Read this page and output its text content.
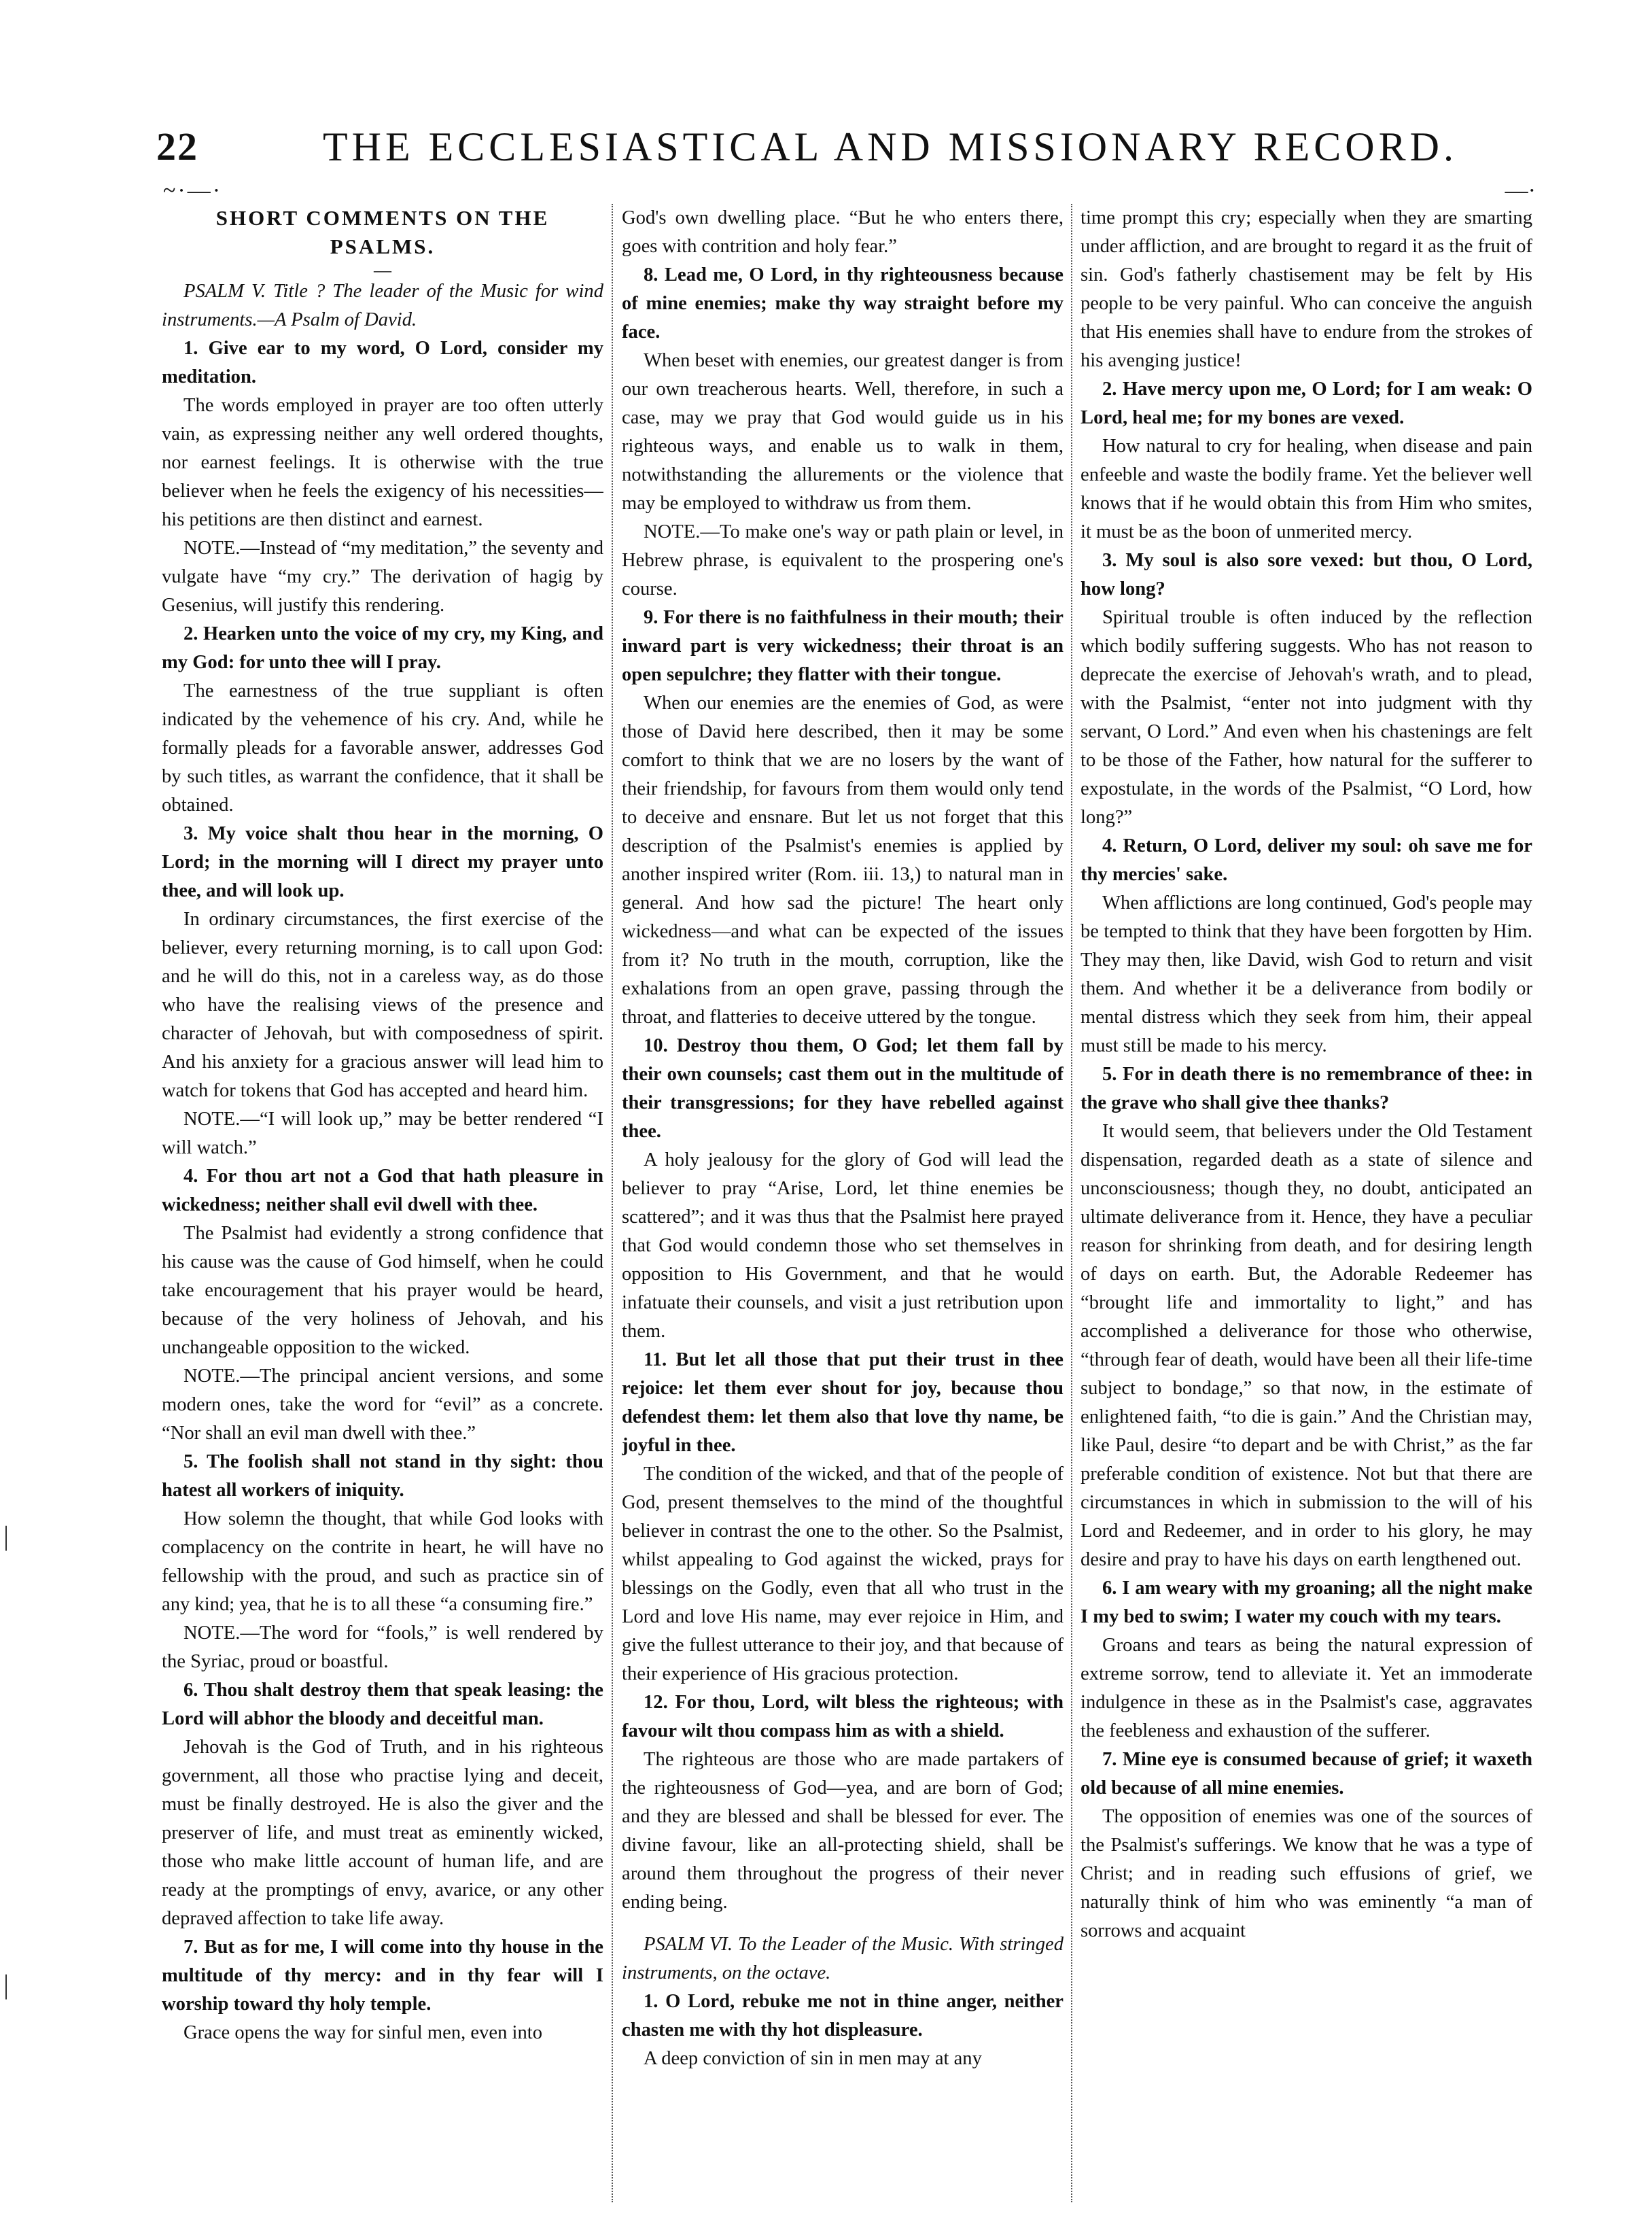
22	THE ECCLESIASTICAL AND MISSIONARY RECORD.
~·—·	—·
|
|
SHORT COMMENTS ON THE PSALMS.
—

PSALM V. Title ? The leader of the Music for wind instruments.—A Psalm of David.

1. Give ear to my word, O Lord, consider my meditation.

The words employed in prayer are too often utterly vain, as expressing neither any well ordered thoughts, nor earnest feelings. It is otherwise with the true believer when he feels the exigency of his necessities—his petitions are then distinct and earnest.

NOTE.—Instead of “my meditation,” the seventy and vulgate have “my cry.” The derivation of hagig by Gesenius, will justify this rendering.

2. Hearken unto the voice of my cry, my King, and my God: for unto thee will I pray.

The earnestness of the true suppliant is often indicated by the vehemence of his cry. And, while he formally pleads for a favorable answer, addresses God by such titles, as warrant the confidence, that it shall be obtained.

3. My voice shalt thou hear in the morning, O Lord; in the morning will I direct my prayer unto thee, and will look up.

In ordinary circumstances, the first exercise of the believer, every returning morning, is to call upon God: and he will do this, not in a careless way, as do those who have the realising views of the presence and character of Jehovah, but with composedness of spirit. And his anxiety for a gracious answer will lead him to watch for tokens that God has accepted and heard him.

NOTE.—“I will look up,” may be better rendered “I will watch.”

4. For thou art not a God that hath pleasure in wickedness; neither shall evil dwell with thee.

The Psalmist had evidently a strong confidence that his cause was the cause of God himself, when he could take encouragement that his prayer would be heard, because of the very holiness of Jehovah, and his unchangeable opposition to the wicked.

NOTE.—The principal ancient versions, and some modern ones, take the word for “evil” as a concrete. “Nor shall an evil man dwell with thee.”

5. The foolish shall not stand in thy sight: thou hatest all workers of iniquity.

How solemn the thought, that while God looks with complacency on the contrite in heart, he will have no fellowship with the proud, and such as practice sin of any kind; yea, that he is to all these “a consuming fire.”

NOTE.—The word for “fools,” is well rendered by the Syriac, proud or boastful.

6. Thou shalt destroy them that speak leasing: the Lord will abhor the bloody and deceitful man.

Jehovah is the God of Truth, and in his righteous government, all those who practise lying and deceit, must be finally destroyed. He is also the giver and the preserver of life, and must treat as eminently wicked, those who make little account of human life, and are ready at the promptings of envy, avarice, or any other depraved affection to take life away.

7. But as for me, I will come into thy house in the multitude of thy mercy: and in thy fear will I worship toward thy holy temple.

Grace opens the way for sinful men, even into

God's own dwelling place. “But he who enters there, goes with contrition and holy fear.”

8. Lead me, O Lord, in thy righteousness because of mine enemies; make thy way straight before my face.

When beset with enemies, our greatest danger is from our own treacherous hearts. Well, therefore, in such a case, may we pray that God would guide us in his righteous ways, and enable us to walk in them, notwithstanding the allurements or the violence that may be employed to withdraw us from them.

NOTE.—To make one's way or path plain or level, in Hebrew phrase, is equivalent to the prospering one's course.

9. For there is no faithfulness in their mouth; their inward part is very wickedness; their throat is an open sepulchre; they flatter with their tongue.

When our enemies are the enemies of God, as were those of David here described, then it may be some comfort to think that we are no losers by the want of their friendship, for favours from them would only tend to deceive and ensnare. But let us not forget that this description of the Psalmist's enemies is applied by another inspired writer (Rom. iii. 13,) to natural man in general. And how sad the picture! The heart only wickedness—and what can be expected of the issues from it? No truth in the mouth, corruption, like the exhalations from an open grave, passing through the throat, and flatteries to deceive uttered by the tongue.

10. Destroy thou them, O God; let them fall by their own counsels; cast them out in the multitude of their transgressions; for they have rebelled against thee.

A holy jealousy for the glory of God will lead the believer to pray “Arise, Lord, let thine enemies be scattered”; and it was thus that the Psalmist here prayed that God would condemn those who set themselves in opposition to His Government, and that he would infatuate their counsels, and visit a just retribution upon them.

11. But let all those that put their trust in thee rejoice: let them ever shout for joy, because thou defendest them: let them also that love thy name, be joyful in thee.

The condition of the wicked, and that of the people of God, present themselves to the mind of the thoughtful believer in contrast the one to the other. So the Psalmist, whilst appealing to God against the wicked, prays for blessings on the Godly, even that all who trust in the Lord and love His name, may ever rejoice in Him, and give the fullest utterance to their joy, and that because of their experience of His gracious protection.

12. For thou, Lord, wilt bless the righteous; with favour wilt thou compass him as with a shield.

The righteous are those who are made partakers of the righteousness of God—yea, and are born of God; and they are blessed and shall be blessed for ever. The divine favour, like an all-protecting shield, shall be around them throughout the progress of their never ending being.

PSALM VI. To the Leader of the Music. With stringed instruments, on the octave.

1. O Lord, rebuke me not in thine anger, neither chasten me with thy hot displeasure.

A deep conviction of sin in men may at any

time prompt this cry; especially when they are smarting under affliction, and are brought to regard it as the fruit of sin. God's fatherly chastisement may be felt by His people to be very painful. Who can conceive the anguish that His enemies shall have to endure from the strokes of his avenging justice!

2. Have mercy upon me, O Lord; for I am weak: O Lord, heal me; for my bones are vexed.

How natural to cry for healing, when disease and pain enfeeble and waste the bodily frame. Yet the believer well knows that if he would obtain this from Him who smites, it must be as the boon of unmerited mercy.

3. My soul is also sore vexed: but thou, O Lord, how long?

Spiritual trouble is often induced by the reflection which bodily suffering suggests. Who has not reason to deprecate the exercise of Jehovah's wrath, and to plead, with the Psalmist, “enter not into judgment with thy servant, O Lord.” And even when his chastenings are felt to be those of the Father, how natural for the sufferer to expostulate, in the words of the Psalmist, “O Lord, how long?”

4. Return, O Lord, deliver my soul: oh save me for thy mercies' sake.

When afflictions are long continued, God's people may be tempted to think that they have been forgotten by Him. They may then, like David, wish God to return and visit them. And whether it be a deliverance from bodily or mental distress which they seek from him, their appeal must still be made to his mercy.

5. For in death there is no remembrance of thee: in the grave who shall give thee thanks?

It would seem, that believers under the Old Testament dispensation, regarded death as a state of silence and unconsciousness; though they, no doubt, anticipated an ultimate deliverance from it. Hence, they have a peculiar reason for shrinking from death, and for desiring length of days on earth. But, the Adorable Redeemer has “brought life and immortality to light,” and has accomplished a deliverance for those who otherwise, “through fear of death, would have been all their life-time subject to bondage,” so that now, in the estimate of enlightened faith, “to die is gain.” And the Christian may, like Paul, desire “to depart and be with Christ,” as the far preferable condition of existence. Not but that there are circumstances in which in submission to the will of his Lord and Redeemer, and in order to his glory, he may desire and pray to have his days on earth lengthened out.

6. I am weary with my groaning; all the night make I my bed to swim; I water my couch with my tears.

Groans and tears as being the natural expression of extreme sorrow, tend to alleviate it. Yet an immoderate indulgence in these as in the Psalmist's case, aggravates the feebleness and exhaustion of the sufferer.

7. Mine eye is consumed because of grief; it waxeth old because of all mine enemies.

The opposition of enemies was one of the sources of the Psalmist's sufferings. We know that he was a type of Christ; and in reading such effusions of grief, we naturally think of him who was eminently “a man of sorrows and acquaint
